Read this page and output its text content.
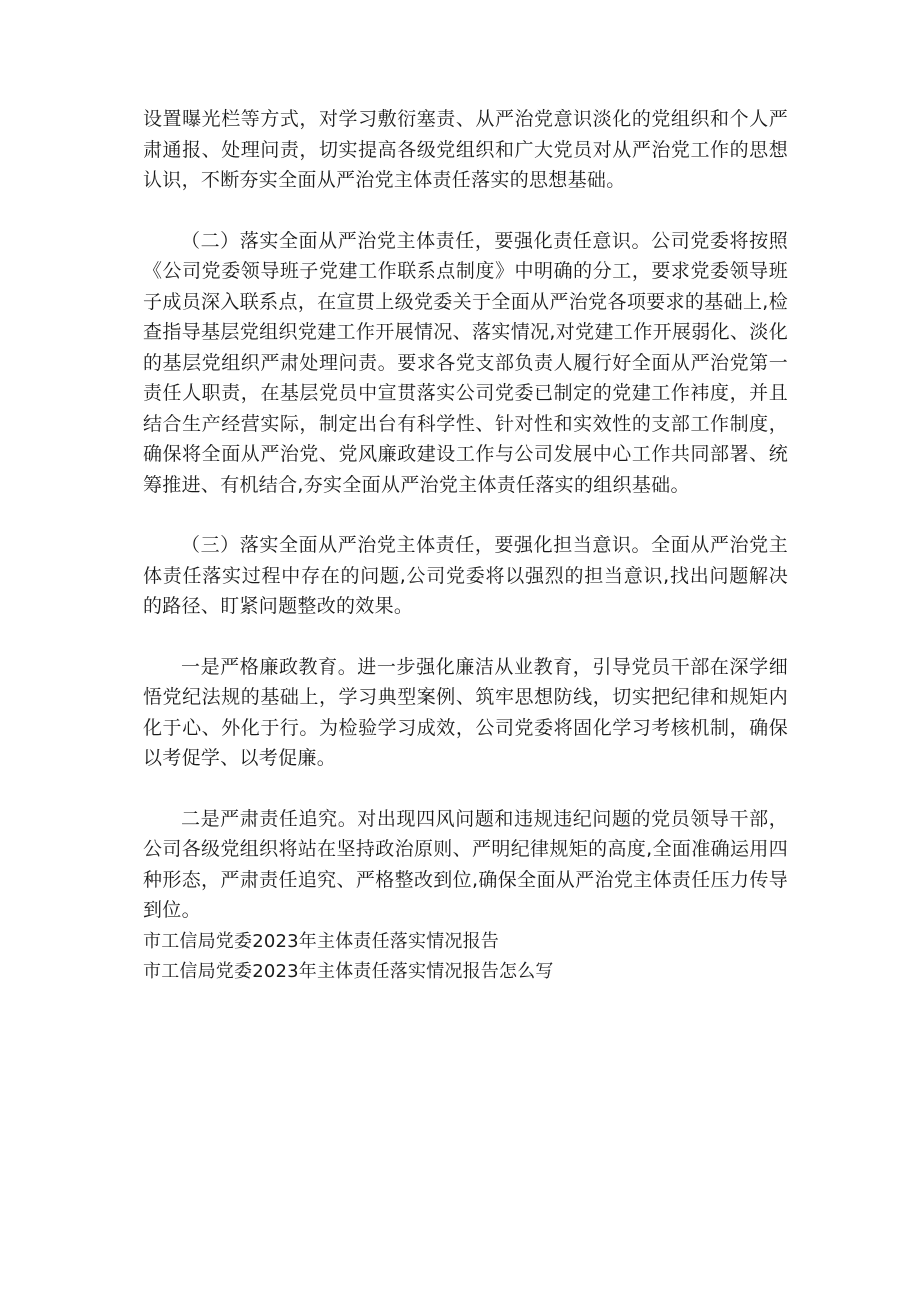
设置曝光栏等方式，对学习敷衍塞责、从严治党意识淡化的党组织和个人严肃通报、处理问责，切实提高各级党组织和广大党员对从严治党工作的思想认识，不断夯实全面从严治党主体责任落实的思想基础。

（二）落实全面从严治党主体责任，要强化责任意识。公司党委将按照《公司党委领导班子党建工作联系点制度》中明确的分工，要求党委领导班子成员深入联系点，在宣贯上级党委关于全面从严治党各项要求的基础上,检查指导基层党组织党建工作开展情况、落实情况,对党建工作开展弱化、淡化的基层党组织严肃处理问责。要求各党支部负责人履行好全面从严治党第一责任人职责，在基层党员中宣贯落实公司党委已制定的党建工作袆度，并且结合生产经营实际，制定出台有科学性、针对性和实效性的支部工作制度，确保将全面从严治党、党风廉政建设工作与公司发展中心工作共同部署、统筹推进、有机结合,夯实全面从严治党主体责任落实的组织基础。

（三）落实全面从严治党主体责任，要强化担当意识。全面从严治党主体责任落实过程中存在的问题,公司党委将以强烈的担当意识,找出问题解决的路径、盯紧问题整改的效果。

一是严格廉政教育。进一步强化廉洁从业教育，引导党员干部在深学细悟党纪法规的基础上，学习典型案例、筑牢思想防线，切实把纪律和规矩内化于心、外化于行。为检验学习成效，公司党委将固化学习考核机制，确保以考促学、以考促廉。

二是严肃责任追究。对出现四风问题和违规违纪问题的党员领导干部，公司各级党组织将站在坚持政治原则、严明纪律规矩的高度,全面准确运用四种形态，严肃责任追究、严格整改到位,确保全面从严治党主体责任压力传导到位。

市工信局党委2023年主体责任落实情况报告

市工信局党委2023年主体责任落实情况报告怎么写
